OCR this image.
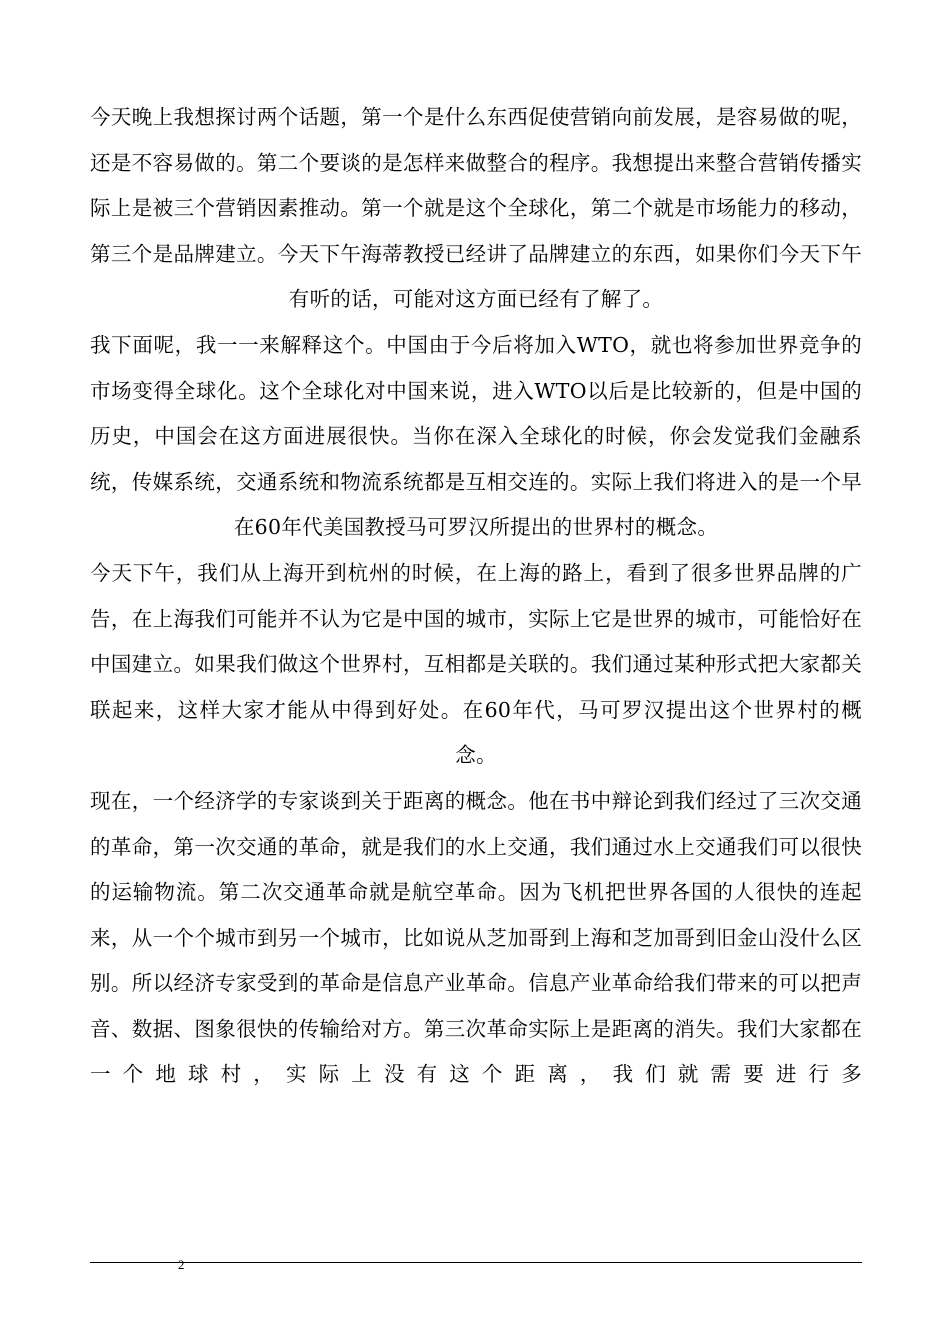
今天晚上我想探讨两个话题，第一个是什么东西促使营销向前发展，是容易做的呢，还是不容易做的。第二个要谈的是怎样来做整合的程序。我想提出来整合营销传播实际上是被三个营销因素推动。第一个就是这个全球化，第二个就是市场能力的移动，第三个是品牌建立。今天下午海蒂教授已经讲了品牌建立的东西，如果你们今天下午有听的话，可能对这方面已经有了解了。

我下面呢，我一一来解释这个。中国由于今后将加入WTO，就也将参加世界竞争的市场变得全球化。这个全球化对中国来说，进入WTO以后是比较新的，但是中国的历史，中国会在这方面进展很快。当你在深入全球化的时候，你会发觉我们金融系统，传媒系统，交通系统和物流系统都是互相交连的。实际上我们将进入的是一个早在60年代美国教授马可罗汉所提出的世界村的概念。

今天下午，我们从上海开到杭州的时候，在上海的路上，看到了很多世界品牌的广告，在上海我们可能并不认为它是中国的城市，实际上它是世界的城市，可能恰好在中国建立。如果我们做这个世界村，互相都是关联的。我们通过某种形式把大家都关联起来，这样大家才能从中得到好处。在60年代，马可罗汉提出这个世界村的概念。

现在，一个经济学的专家谈到关于距离的概念。他在书中辩论到我们经过了三次交通的革命，第一次交通的革命，就是我们的水上交通，我们通过水上交通我们可以很快的运输物流。第二次交通革命就是航空革命。因为飞机把世界各国的人很快的连起来，从一个个城市到另一个城市，比如说从芝加哥到上海和芝加哥到旧金山没什么区别。所以经济专家受到的革命是信息产业革命。信息产业革命给我们带来的可以把声音、数据、图象很快的传输给对方。第三次革命实际上是距离的消失。我们大家都在一个地球村，实际上没有这个距离，我们就需要进行多

2
